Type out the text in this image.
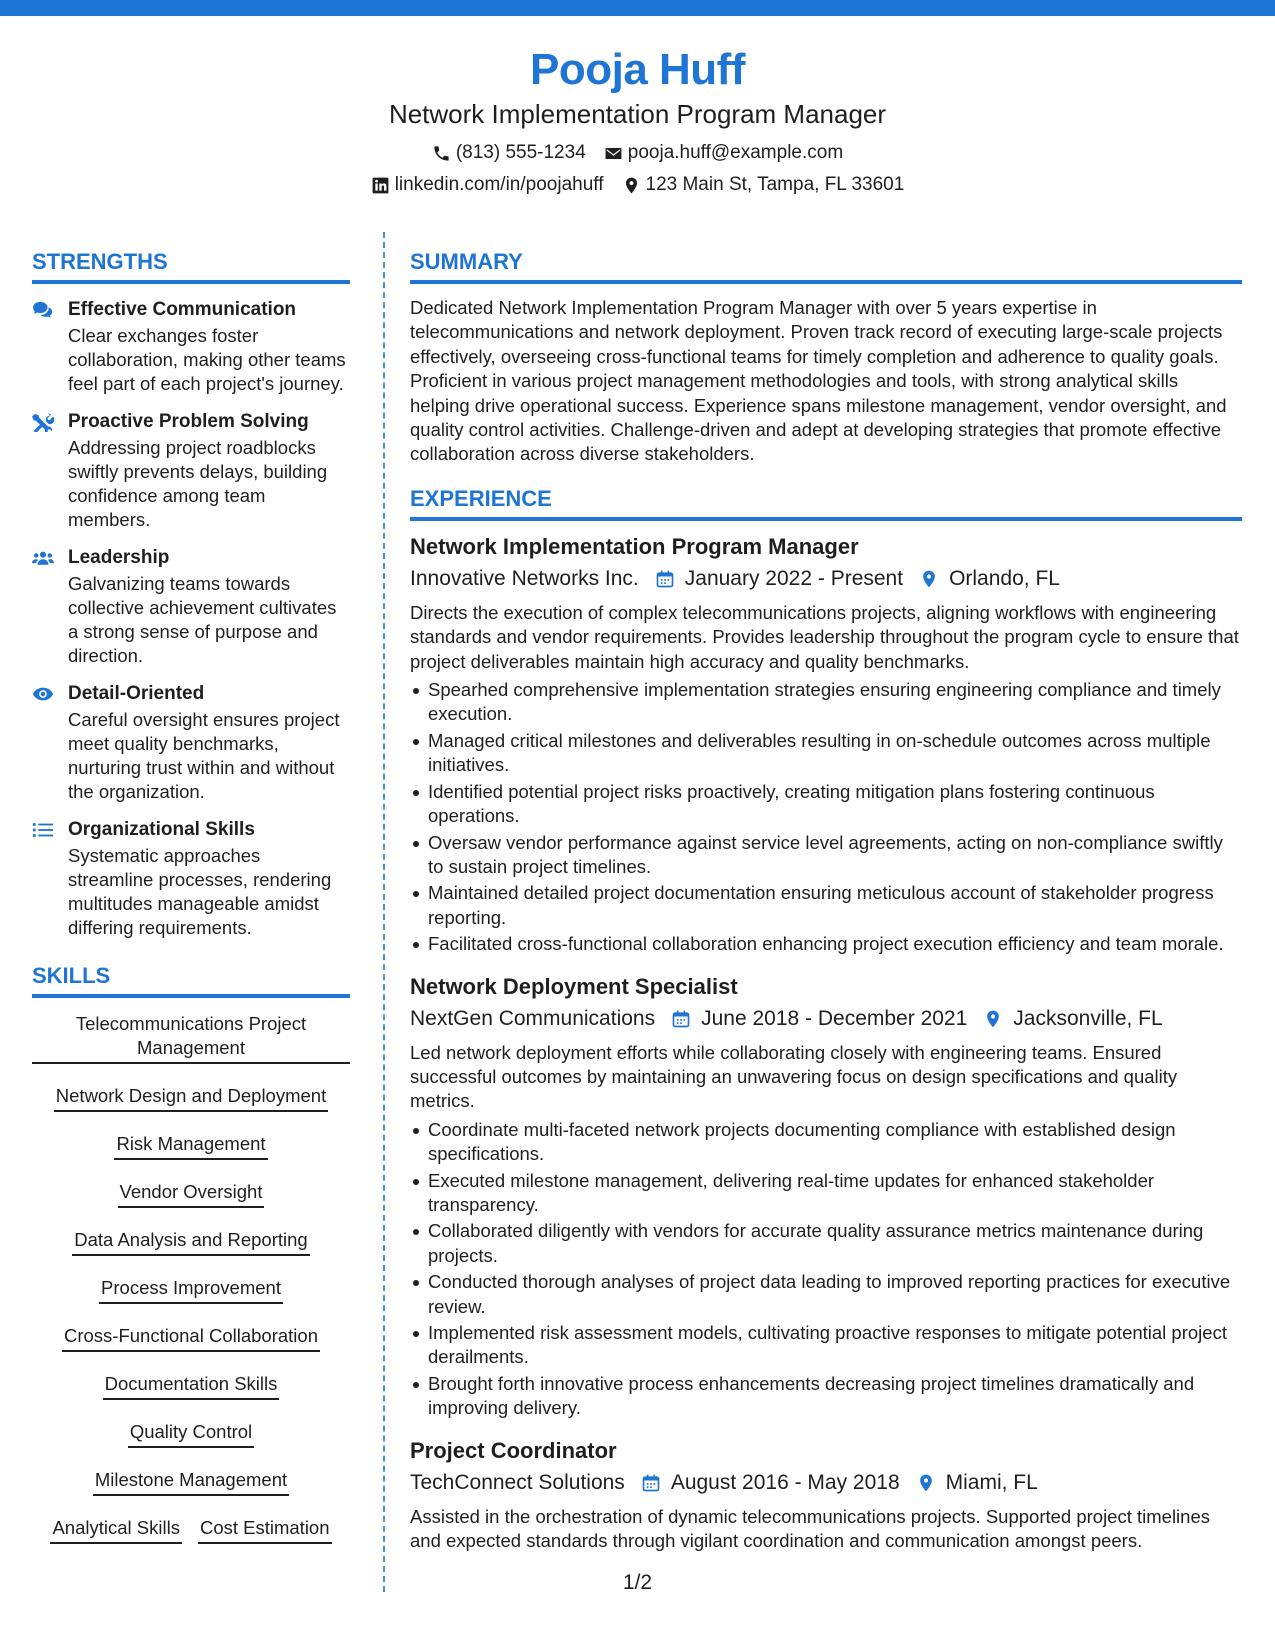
Pooja Huff
Network Implementation Program Manager
(813) 555-1234 pooja.huff@example.com
linkedin.com/in/poojahuff 123 Main St, Tampa, FL 33601
STRENGTHS
Effective Communication
Clear exchanges foster collaboration, making other teams feel part of each project's journey.
Proactive Problem Solving
Addressing project roadblocks swiftly prevents delays, building confidence among team members.
Leadership
Galvanizing teams towards collective achievement cultivates a strong sense of purpose and direction.
Detail-Oriented
Careful oversight ensures project meet quality benchmarks, nurturing trust within and without the organization.
Organizational Skills
Systematic approaches streamline processes, rendering multitudes manageable amidst differing requirements.
SKILLS
Telecommunications Project Management
Network Design and Deployment Risk Management Vendor Oversight Data Analysis and Reporting Process Improvement Cross-Functional Collaboration Documentation Skills Quality Control Milestone Management
Analytical Skills Cost Estimation
SUMMARY
Dedicated Network Implementation Program Manager with over 5 years expertise in telecommunications and network deployment. Proven track record of executing large-scale projects effectively, overseeing cross-functional teams for timely completion and adherence to quality goals. Proficient in various project management methodologies and tools, with strong analytical skills helping drive operational success. Experience spans milestone management, vendor oversight, and quality control activities. Challenge-driven and adept at developing strategies that promote effective collaboration across diverse stakeholders.
EXPERIENCE
Network Implementation Program Manager
Innovative Networks Inc. January 2022 - Present Orlando, FL
Directs the execution of complex telecommunications projects, aligning workflows with engineering standards and vendor requirements. Provides leadership throughout the program cycle to ensure that project deliverables maintain high accuracy and quality benchmarks.
Spearhed comprehensive implementation strategies ensuring engineering compliance and timely execution.
Managed critical milestones and deliverables resulting in on-schedule outcomes across multiple initiatives.
Identified potential project risks proactively, creating mitigation plans fostering continuous operations.
Oversaw vendor performance against service level agreements, acting on non-compliance swiftly to sustain project timelines.
Maintained detailed project documentation ensuring meticulous account of stakeholder progress reporting.
Facilitated cross-functional collaboration enhancing project execution efficiency and team morale.
Network Deployment Specialist
NextGen Communications June 2018 - December 2021 Jacksonville, FL
Led network deployment efforts while collaborating closely with engineering teams. Ensured successful outcomes by maintaining an unwavering focus on design specifications and quality metrics.
Coordinate multi-faceted network projects documenting compliance with established design specifications.
Executed milestone management, delivering real-time updates for enhanced stakeholder transparency.
Collaborated diligently with vendors for accurate quality assurance metrics maintenance during projects.
Conducted thorough analyses of project data leading to improved reporting practices for executive review.
Implemented risk assessment models, cultivating proactive responses to mitigate potential project derailments.
Brought forth innovative process enhancements decreasing project timelines dramatically and improving delivery.
Project Coordinator
TechConnect Solutions August 2016 - May 2018 Miami, FL
Assisted in the orchestration of dynamic telecommunications projects. Supported project timelines and expected standards through vigilant coordination and communication amongst peers.
1/2
